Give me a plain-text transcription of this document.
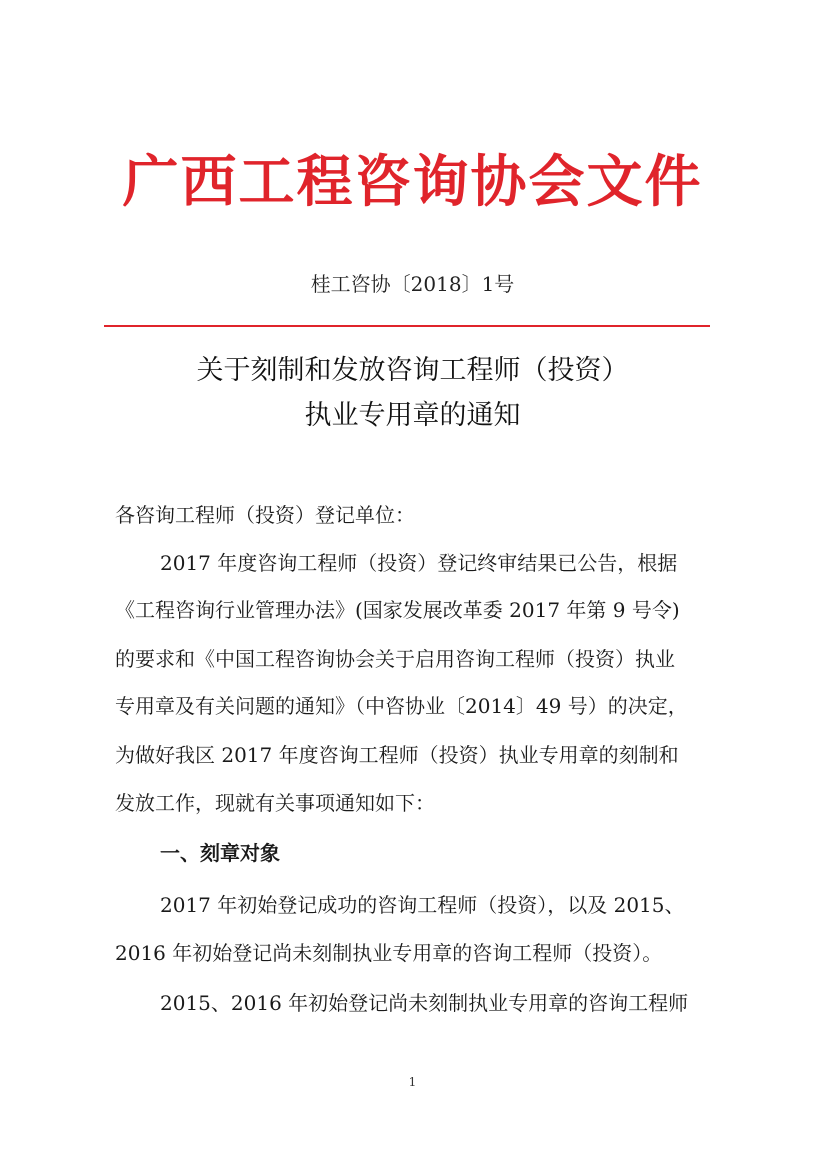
广西工程咨询协会文件
桂工咨协〔2018〕1号
关于刻制和发放咨询工程师（投资）
执业专用章的通知
各咨询工程师（投资）登记单位：
2017 年度咨询工程师（投资）登记终审结果已公告，根据
《工程咨询行业管理办法》(国家发展改革委 2017 年第 9 号令)
的要求和《中国工程咨询协会关于启用咨询工程师（投资）执业
专用章及有关问题的通知》（中咨协业〔2014〕49 号）的决定，
为做好我区 2017 年度咨询工程师（投资）执业专用章的刻制和
发放工作，现就有关事项通知如下：
一、刻章对象
2017 年初始登记成功的咨询工程师（投资），以及 2015、
2016 年初始登记尚未刻制执业专用章的咨询工程师（投资）。
2015、2016 年初始登记尚未刻制执业专用章的咨询工程师
1
